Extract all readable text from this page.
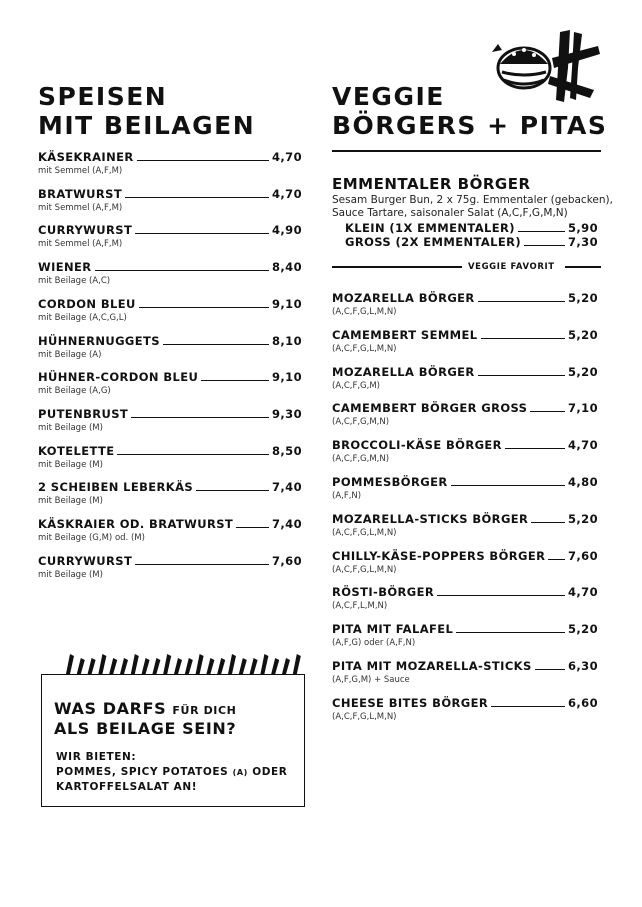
SPEISEN
MIT BEILAGEN
KÄSEKRAINER	4,70
mit Semmel (A,F,M)
BRATWURST	4,70
mit Semmel (A,F,M)
CURRYWURST	4,90
mit Semmel (A,F,M)
WIENER	8,40
mit Beilage (A,C)
CORDON BLEU	9,10
mit Beilage (A,C,G,L)
HÜHNERNUGGETS	8,10
mit Beilage (A)
HÜHNER-CORDON BLEU	9,10
mit Beilage (A,G)
PUTENBRUST	9,30
mit Beilage (M)
KOTELETTE	8,50
mit Beilage (M)
2 SCHEIBEN LEBERKÄS	7,40
mit Beilage (M)
KÄSKRAIER OD. BRATWURST	7,40
mit Beilage (G,M) od. (M)
CURRYWURST	7,60
mit Beilage (M)
VEGGIE
BÖRGERS + PITAS
EMMENTALER BÖRGER
Sesam Burger Bun, 2 x 75g. Emmentaler (gebacken),
Sauce Tartare, saisonaler Salat (A,C,F,G,M,N)
KLEIN (1X EMMENTALER)	5,90
GROSS (2X EMMENTALER)	7,30
VEGGIE FAVORIT
MOZARELLA BÖRGER	5,20
(A,C,F,G,L,M,N)
CAMEMBERT SEMMEL	5,20
(A,C,F,G,L,M,N)
MOZARELLA BÖRGER	5,20
(A,C,F,G,M)
CAMEMBERT BÖRGER GROSS	7,10
(A,C,F,G,M,N)
BROCCOLI-KÄSE BÖRGER	4,70
(A,C,F,G,M,N)
POMMESBÖRGER	4,80
(A,F,N)
MOZARELLA-STICKS BÖRGER	5,20
(A,C,F,G,L,M,N)
CHILLY-KÄSE-POPPERS BÖRGER 7,60
(A,C,F,G,L,M,N)
RÖSTI-BÖRGER	4,70
(A,C,F,L,M,N)
PITA MIT FALAFEL	5,20
(A,F,G) oder (A,F,N)
PITA MIT MOZARELLA-STICKS	6,30
(A,F,G,M) + Sauce
CHEESE BITES BÖRGER	6,60
(A,C,F,G,L,M,N)
WAS DARFS FÜR DICH
ALS BEILAGE SEIN?
WIR BIETEN:
POMMES, SPICY POTATOES (A) ODER
KARTOFFELSALAT AN!
